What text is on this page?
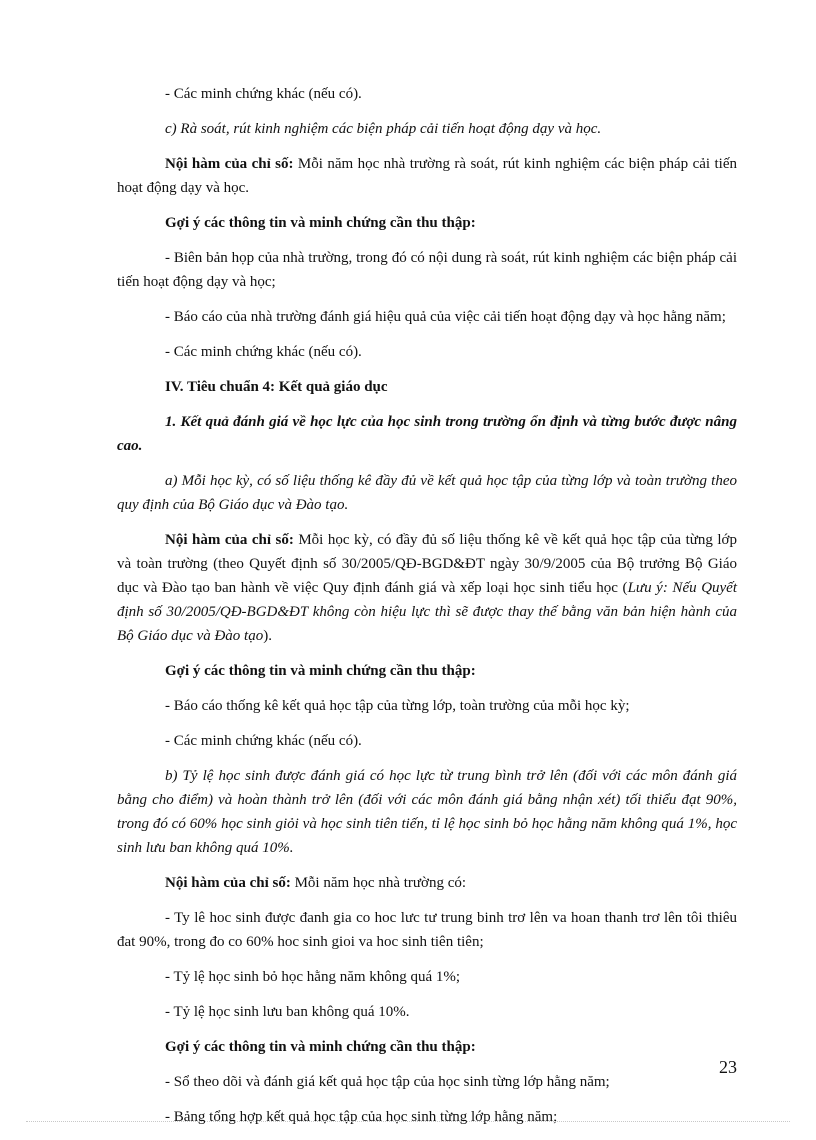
- Các minh chứng khác (nếu có).

c) Rà soát, rút kinh nghiệm các biện pháp cải tiến hoạt động dạy và học.

Nội hàm của chỉ số: Mỗi năm học nhà trường rà soát, rút kinh nghiệm các biện pháp cải tiến hoạt động dạy và học.

Gợi ý các thông tin và minh chứng cần thu thập:

- Biên bản họp của nhà trường, trong đó có nội dung rà soát, rút kinh nghiệm các biện pháp cải tiến hoạt động dạy và học;

- Báo cáo của nhà trường đánh giá hiệu quả của việc cải tiến hoạt động dạy và học hằng năm;

- Các minh chứng khác (nếu có).

IV. Tiêu chuẩn 4: Kết quả giáo dục

1. Kết quả đánh giá về học lực của học sinh trong trường ổn định và từng bước được nâng cao.

a) Mỗi học kỳ, có số liệu thống kê đầy đủ về kết quả học tập của từng lớp và toàn trường theo quy định của Bộ Giáo dục và Đào tạo.

Nội hàm của chỉ số: Mỗi học kỳ, có đầy đủ số liệu thống kê về kết quả học tập của từng lớp và toàn trường (theo Quyết định số 30/2005/QĐ-BGD&ĐT ngày 30/9/2005 của Bộ trưởng Bộ Giáo dục và Đào tạo ban hành về việc Quy định đánh giá và xếp loại học sinh tiểu học (Lưu ý: Nếu Quyết định số 30/2005/QĐ-BGD&ĐT không còn hiệu lực thì sẽ được thay thế bằng văn bản hiện hành của Bộ Giáo dục và Đào tạo).

Gợi ý các thông tin và minh chứng cần thu thập:

- Báo cáo thống kê kết quả học tập của từng lớp, toàn trường của mỗi học kỳ;

- Các minh chứng khác (nếu có).

b) Tỷ lệ học sinh được đánh giá có học lực từ trung bình trở lên (đối với các môn đánh giá bằng cho điểm) và hoàn thành trở lên (đối với các môn đánh giá bằng nhận xét) tối thiểu đạt 90%, trong đó có 60% học sinh giỏi và học sinh tiên tiến, tỉ lệ học sinh bỏ học hằng năm không quá 1%, học sinh lưu ban không quá 10%.

Nội hàm của chỉ số: Mỗi năm học nhà trường có:

- Ty lê hoc sinh được đanh gia co hoc lưc tư trung binh trơ lên va hoan thanh trơ lên tôi thiêu đat 90%, trong đo co 60% hoc sinh gioi va hoc sinh tiên tiên;

- Tỷ lệ học sinh bỏ học hằng năm không quá 1%;

- Tỷ lệ học sinh lưu ban không quá 10%.

Gợi ý các thông tin và minh chứng cần thu thập:

- Sổ theo dõi và đánh giá kết quả học tập của học sinh từng lớp hằng năm;

- Bảng tổng hợp kết quả học tập của học sinh từng lớp hằng năm;

23
